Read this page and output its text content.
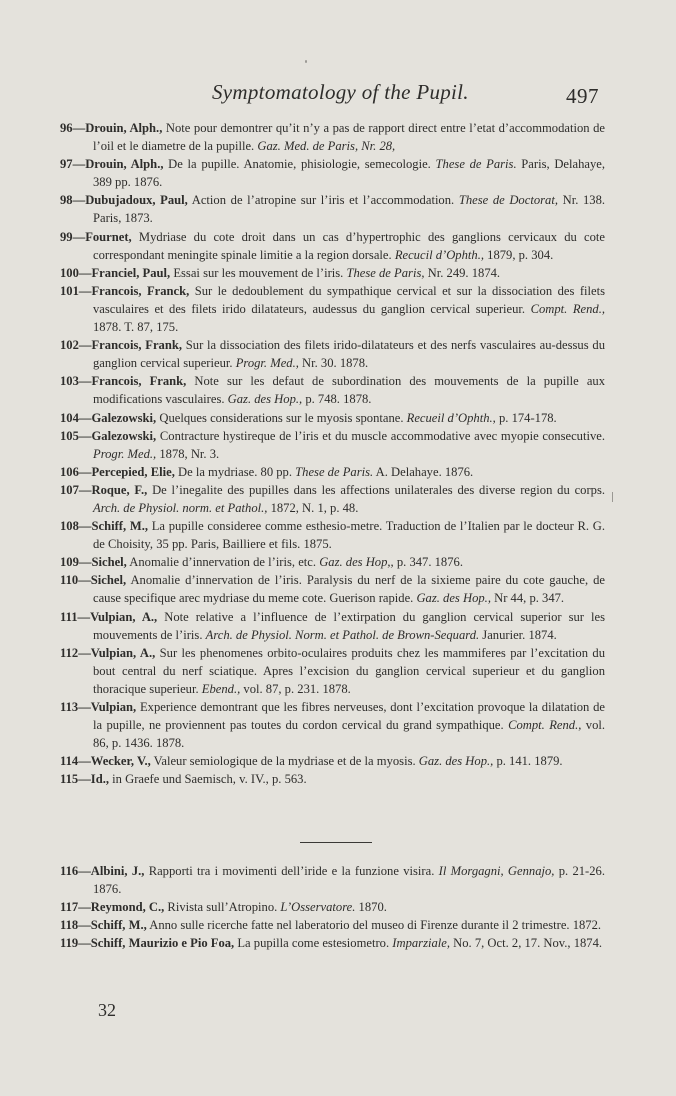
Symptomatology of the Pupil.	497

96—Drouin, Alph., Note pour demontrer qu’it n’y a pas de rapport direct entre l’etat d’accommodation de l’oil et le diametre de la pupille. Gaz. Med. de Paris, Nr. 28,

97—Drouin, Alph., De la pupille. Anatomie, phisiologie, semecologie. These de Paris. Paris, Delahaye, 389 pp. 1876.

98—Dubujadoux, Paul, Action de l’atropine sur l’iris et l’accommodation. These de Doctorat, Nr. 138. Paris, 1873.

99—Fournet, Mydriase du cote droit dans un cas d’hypertrophic des ganglions cervicaux du cote correspondant meningite spinale limitie a la region dorsale. Recucil d’Ophth., 1879, p. 304.

100—Franciel, Paul, Essai sur les mouvement de l’iris. These de Paris, Nr. 249. 1874.

101—Francois, Franck, Sur le dedoublement du sympathique cervical et sur la dissociation des filets vasculaires et des filets irido dilatateurs, audessus du ganglion cervical superieur. Compt. Rend., 1878. T. 87, 175.

102—Francois, Frank, Sur la dissociation des filets irido-dilatateurs et des nerfs vasculaires au-dessus du ganglion cervical superieur. Progr. Med., Nr. 30. 1878.

103—Francois, Frank, Note sur les defaut de subordination des mouvements de la pupille aux modifications vasculaires. Gaz. des Hop., p. 748. 1878.

104—Galezowski, Quelques considerations sur le myosis spontane. Recueil d’Ophth., p. 174-178.

105—Galezowski, Contracture hystireque de l’iris et du muscle accommodative avec myopie consecutive. Progr. Med., 1878, Nr. 3.

106—Percepied, Elie, De la mydriase. 80 pp. These de Paris. A. Delahaye. 1876.

107—Roque, F., De l’inegalite des pupilles dans les affections unilaterales des diverse region du corps. Arch. de Physiol. norm. et Pathol., 1872, N. 1, p. 48.

108—Schiff, M., La pupille consideree comme esthesio-metre. Traduction de l’Italien par le docteur R. G. de Choisity, 35 pp. Paris, Bailliere et fils. 1875.

109—Sichel, Anomalie d’innervation de l’iris, etc. Gaz. des Hop,, p. 347. 1876.

110—Sichel, Anomalie d’innervation de l’iris. Paralysis du nerf de la sixieme paire du cote gauche, de cause specifique arec mydriase du meme cote. Guerison rapide. Gaz. des Hop., Nr 44, p. 347.

111—Vulpian, A., Note relative a l’influence de l’extirpation du ganglion cervical superior sur les mouvements de l’iris. Arch. de Physiol. Norm. et Pathol. de Brown-Sequard. Janurier. 1874.

112—Vulpian, A., Sur les phenomenes orbito-oculaires produits chez les mammiferes par l’excitation du bout central du nerf sciatique. Apres l’excision du ganglion cervical superieur et du ganglion thoracique superieur. Ebend., vol. 87, p. 231. 1878.

113—Vulpian, Experience demontrant que les fibres nerveuses, dont l’excitation provoque la dilatation de la pupille, ne proviennent pas toutes du cordon cervical du grand sympathique. Compt. Rend., vol. 86, p. 1436. 1878.

114—Wecker, V., Valeur semiologique de la mydriase et de la myosis. Gaz. des Hop., p. 141. 1879.

115—Id., in Graefe und Saemisch, v. IV., p. 563.

116—Albini, J., Rapporti tra i movimenti dell’iride e la funzione visira. Il Morgagni, Gennajo, p. 21-26. 1876.

117—Reymond, C., Rivista sull’Atropino. L’Osservatore. 1870.

118—Schiff, M., Anno sulle ricerche fatte nel laberatorio del museo di Firenze durante il 2 trimestre. 1872.

119—Schiff, Maurizio e Pio Foa, La pupilla come estesiometro. Imparziale, No. 7, Oct. 2, 17. Nov., 1874.

32
